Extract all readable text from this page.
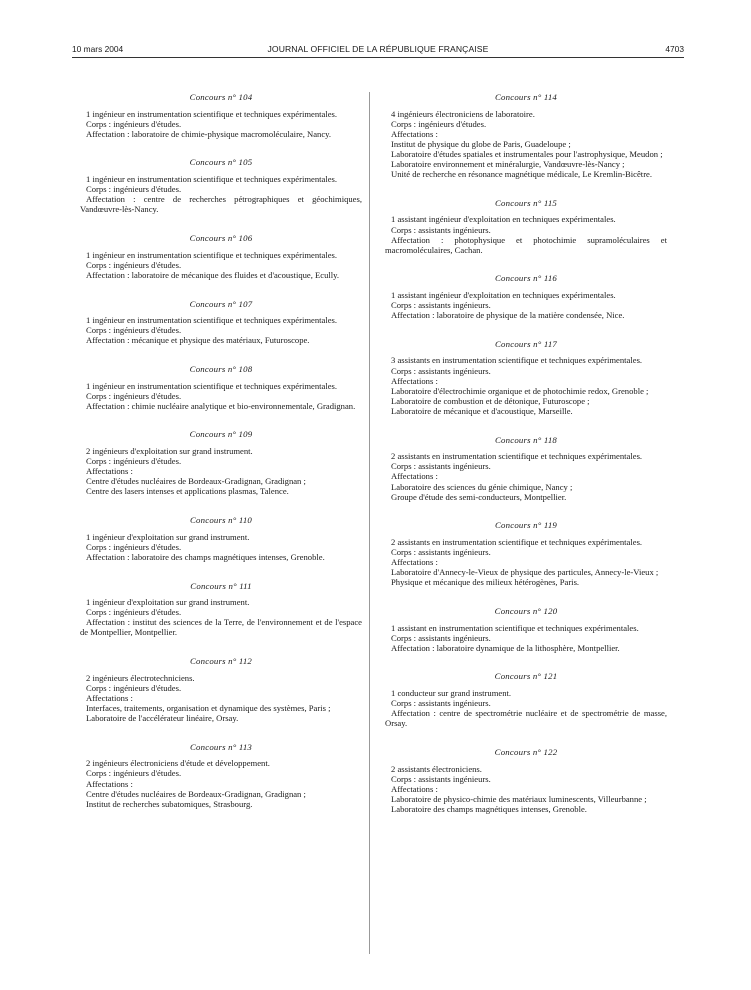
10 mars 2004	JOURNAL OFFICIEL DE LA RÉPUBLIQUE FRANÇAISE	4703
Concours n° 104
1 ingénieur en instrumentation scientifique et techniques expérimentales.
Corps : ingénieurs d'études.
Affectation : laboratoire de chimie-physique macromoléculaire, Nancy.
Concours n° 105
1 ingénieur en instrumentation scientifique et techniques expérimentales.
Corps : ingénieurs d'études.
Affectation : centre de recherches pétrographiques et géochimiques, Vandœuvre-lès-Nancy.
Concours n° 106
1 ingénieur en instrumentation scientifique et techniques expérimentales.
Corps : ingénieurs d'études.
Affectation : laboratoire de mécanique des fluides et d'acoustique, Ecully.
Concours n° 107
1 ingénieur en instrumentation scientifique et techniques expérimentales.
Corps : ingénieurs d'études.
Affectation : mécanique et physique des matériaux, Futuroscope.
Concours n° 108
1 ingénieur en instrumentation scientifique et techniques expérimentales.
Corps : ingénieurs d'études.
Affectation : chimie nucléaire analytique et bio-environnementale, Gradignan.
Concours n° 109
2 ingénieurs d'exploitation sur grand instrument.
Corps : ingénieurs d'études.
Affectations :
Centre d'études nucléaires de Bordeaux-Gradignan, Gradignan ;
Centre des lasers intenses et applications plasmas, Talence.
Concours n° 110
1 ingénieur d'exploitation sur grand instrument.
Corps : ingénieurs d'études.
Affectation : laboratoire des champs magnétiques intenses, Grenoble.
Concours n° 111
1 ingénieur d'exploitation sur grand instrument.
Corps : ingénieurs d'études.
Affectation : institut des sciences de la Terre, de l'environnement et de l'espace de Montpellier, Montpellier.
Concours n° 112
2 ingénieurs électrotechniciens.
Corps : ingénieurs d'études.
Affectations :
Interfaces, traitements, organisation et dynamique des systèmes, Paris ;
Laboratoire de l'accélérateur linéaire, Orsay.
Concours n° 113
2 ingénieurs électroniciens d'étude et développement.
Corps : ingénieurs d'études.
Affectations :
Centre d'études nucléaires de Bordeaux-Gradignan, Gradignan ;
Institut de recherches subatomiques, Strasbourg.
Concours n° 114
4 ingénieurs électroniciens de laboratoire.
Corps : ingénieurs d'études.
Affectations :
Institut de physique du globe de Paris, Guadeloupe ;
Laboratoire d'études spatiales et instrumentales pour l'astrophysique, Meudon ;
Laboratoire environnement et minéralurgie, Vandœuvre-lès-Nancy ;
Unité de recherche en résonance magnétique médicale, Le Kremlin-Bicêtre.
Concours n° 115
1 assistant ingénieur d'exploitation en techniques expérimentales.
Corps : assistants ingénieurs.
Affectation : photophysique et photochimie supramoléculaires et macromoléculaires, Cachan.
Concours n° 116
1 assistant ingénieur d'exploitation en techniques expérimentales.
Corps : assistants ingénieurs.
Affectation : laboratoire de physique de la matière condensée, Nice.
Concours n° 117
3 assistants en instrumentation scientifique et techniques expérimentales.
Corps : assistants ingénieurs.
Affectations :
Laboratoire d'électrochimie organique et de photochimie redox, Grenoble ;
Laboratoire de combustion et de détonique, Futuroscope ;
Laboratoire de mécanique et d'acoustique, Marseille.
Concours n° 118
2 assistants en instrumentation scientifique et techniques expérimentales.
Corps : assistants ingénieurs.
Affectations :
Laboratoire des sciences du génie chimique, Nancy ;
Groupe d'étude des semi-conducteurs, Montpellier.
Concours n° 119
2 assistants en instrumentation scientifique et techniques expérimentales.
Corps : assistants ingénieurs.
Affectations :
Laboratoire d'Annecy-le-Vieux de physique des particules, Annecy-le-Vieux ;
Physique et mécanique des milieux hétérogènes, Paris.
Concours n° 120
1 assistant en instrumentation scientifique et techniques expérimentales.
Corps : assistants ingénieurs.
Affectation : laboratoire dynamique de la lithosphère, Montpellier.
Concours n° 121
1 conducteur sur grand instrument.
Corps : assistants ingénieurs.
Affectation : centre de spectrométrie nucléaire et de spectrométrie de masse, Orsay.
Concours n° 122
2 assistants électroniciens.
Corps : assistants ingénieurs.
Affectations :
Laboratoire de physico-chimie des matériaux luminescents, Villeurbanne ;
Laboratoire des champs magnétiques intenses, Grenoble.
